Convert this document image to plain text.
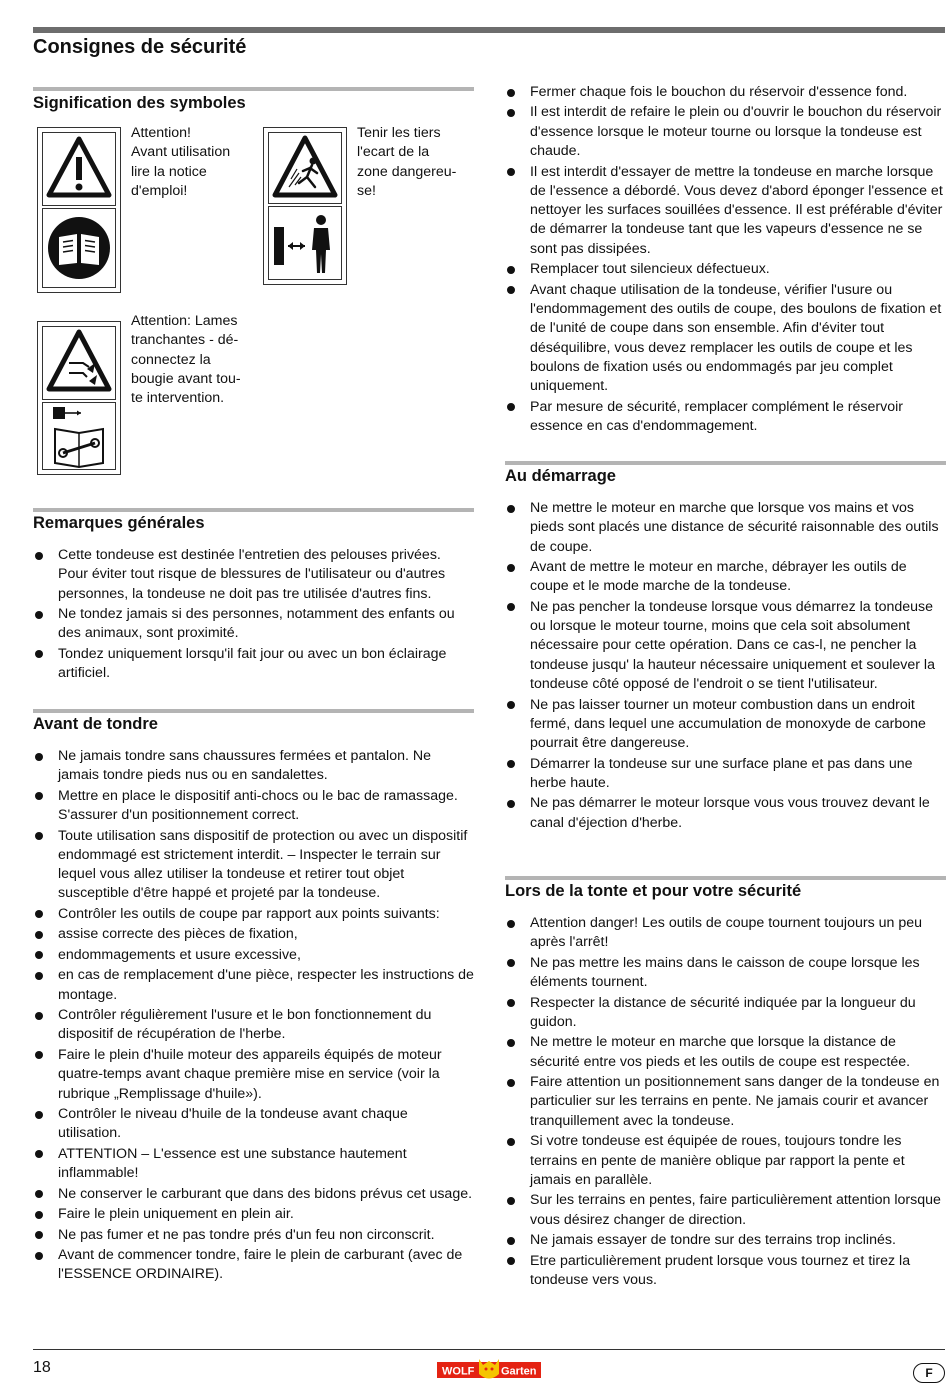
Consignes de sécurité
Signification des symboles
Attention!
Avant utilisation
lire la notice
d'emploi!
Tenir les tiers
l'ecart de la
zone dangereu-
se!
Attention: Lames
tranchantes - dé-
connectez la
bougie avant tou-
te intervention.
Remarques générales
Cette tondeuse est destinée l'entretien des pelouses privées. Pour éviter tout risque de blessures de l'utilisateur ou d'autres personnes, la tondeuse ne doit pas tre utilisée d'autres fins.
Ne tondez jamais si des personnes, notamment des enfants ou des animaux, sont proximité.
Tondez uniquement lorsqu'il fait jour ou avec un bon éclairage artificiel.
Avant de tondre
Ne jamais tondre sans chaussures fermées et pantalon. Ne jamais tondre pieds nus ou en sandalettes.
Mettre en place le dispositif anti-chocs ou le bac de ramassage. S'assurer d'un positionnement correct.
Toute utilisation sans dispositif de protection ou avec un dispositif endommagé est strictement interdit. – Inspecter le terrain sur lequel vous allez utiliser la tondeuse et retirer tout objet susceptible d'être happé et projeté par la tondeuse.
Contrôler les outils de coupe par rapport aux points suivants:
assise correcte des pièces de fixation,
endommagements et usure excessive,
en cas de remplacement d'une pièce, respecter les instructions de montage.
Contrôler régulièrement l'usure et le bon fonctionnement du dispositif de récupération de l'herbe.
Faire le plein d'huile moteur des appareils équipés de moteur quatre-temps avant chaque première mise en service (voir la rubrique „Remplissage d'huile»).
Contrôler le niveau d'huile de la tondeuse avant chaque utilisation.
ATTENTION – L'essence est une substance hautement inflammable!
Ne conserver le carburant que dans des bidons prévus cet usage.
Faire le plein uniquement en plein air.
Ne pas fumer et ne pas tondre prés d'un feu non circonscrit.
Avant de commencer tondre, faire le plein de carburant (avec de l'ESSENCE ORDINAIRE).
Fermer chaque fois le bouchon du réservoir d'essence fond.
Il est interdit de refaire le plein ou d'ouvrir le bouchon du réservoir d'essence lorsque le moteur tourne ou lorsque la tondeuse est chaude.
Il est interdit d'essayer de mettre la tondeuse en marche lorsque de l'essence a débordé. Vous devez d'abord éponger l'essence et nettoyer les surfaces souillées d'essence. Il est préférable d'éviter de démarrer la tondeuse tant que les vapeurs d'essence ne se sont pas dissipées.
Remplacer tout silencieux défectueux.
Avant chaque utilisation de la tondeuse, vérifier l'usure ou l'endommagement des outils de coupe, des boulons de fixation et de l'unité de coupe dans son ensemble. Afin d'éviter tout déséquilibre, vous devez remplacer les outils de coupe et les boulons de fixation usés ou endommagés par jeu complet uniquement.
Par mesure de sécurité, remplacer complément le réservoir essence en cas d'endommagement.
Au démarrage
Ne mettre le moteur en marche que lorsque vos mains et vos pieds sont placés une distance de sécurité raisonnable des outils de coupe.
Avant de mettre le moteur en marche, débrayer les outils de coupe et le mode marche de la tondeuse.
Ne pas pencher la tondeuse lorsque vous démarrez la tondeuse ou lorsque le moteur tourne, moins que cela soit absolument nécessaire pour cette opération. Dans ce cas-l, ne pencher la tondeuse jusqu' la hauteur nécessaire uniquement et soulever la tondeuse côté opposé de l'endroit o se tient l'utilisateur.
Ne pas laisser tourner un moteur combustion dans un endroit fermé, dans lequel une accumulation de monoxyde de carbone pourrait être dangereuse.
Démarrer la tondeuse sur une surface plane et pas dans une herbe haute.
Ne pas démarrer le moteur lorsque vous vous trouvez devant le canal d'éjection d'herbe.
Lors de la tonte et pour votre sécurité
Attention danger! Les outils de coupe tournent toujours un peu après l'arrêt!
Ne pas mettre les mains dans le caisson de coupe lorsque les éléments tournent.
Respecter la distance de sécurité indiquée par la longueur du guidon.
Ne mettre le moteur en marche que lorsque la distance de sécurité entre vos pieds et les outils de coupe est respectée.
Faire attention un positionnement sans danger de la tondeuse en particulier sur les terrains en pente. Ne jamais courir et avancer tranquillement avec la tondeuse.
Si votre tondeuse est équipée de roues, toujours tondre les terrains en pente de manière oblique par rapport la pente et jamais en parallèle.
Sur les terrains en pentes, faire particulièrement attention lorsque vous désirez changer de direction.
Ne jamais essayer de tondre sur des terrains trop inclinés.
Etre particulièrement prudent lorsque vous tournez et tirez la tondeuse vers vous.
18	WOLF Garten	F
